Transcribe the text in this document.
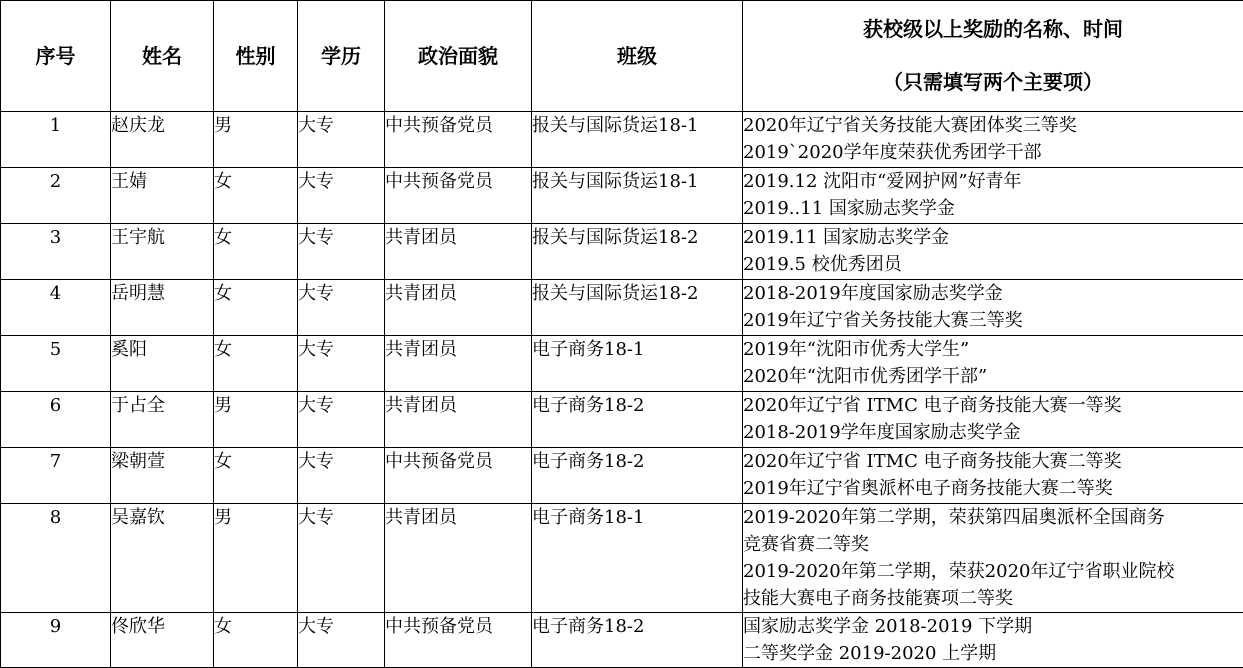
序号	姓名	性别	学历	政治面貌	班级	获校级以上奖励的名称、时间
（只需填写两个主要项）

1	赵庆龙	男	大专	中共预备党员	报关与国际货运18-1	2020年辽宁省关务技能大赛团体奖三等奖
2019`2020学年度荣获优秀团学干部

2	王婧	女	大专	中共预备党员	报关与国际货运18-1	2019.12 沈阳市“爱网护网”好青年
2019..11 国家励志奖学金

3	王宇航	女	大专	共青团员	报关与国际货运18-2	2019.11 国家励志奖学金
2019.5 校优秀团员

4	岳明慧	女	大专	共青团员	报关与国际货运18-2	2018-2019年度国家励志奖学金
2019年辽宁省关务技能大赛三等奖

5	奚阳	女	大专	共青团员	电子商务18-1	2019年“沈阳市优秀大学生”
2020年“沈阳市优秀团学干部”

6	于占全	男	大专	共青团员	电子商务18-2	2020年辽宁省 ITMC 电子商务技能大赛一等奖
2018-2019学年度国家励志奖学金

7	梁朝萱	女	大专	中共预备党员	电子商务18-2	2020年辽宁省 ITMC 电子商务技能大赛二等奖
2019年辽宁省奥派杯电子商务技能大赛二等奖

8	吴嘉钦	男	大专	共青团员	电子商务18-1	2019-2020年第二学期，荣获第四届奥派杯全国商务
竞赛省赛二等奖
2019-2020年第二学期，荣获2020年辽宁省职业院校
技能大赛电子商务技能赛项二等奖

9	佟欣华	女	大专	中共预备党员	电子商务18-2	国家励志奖学金 2018-2019 下学期
二等奖学金 2019-2020 上学期
